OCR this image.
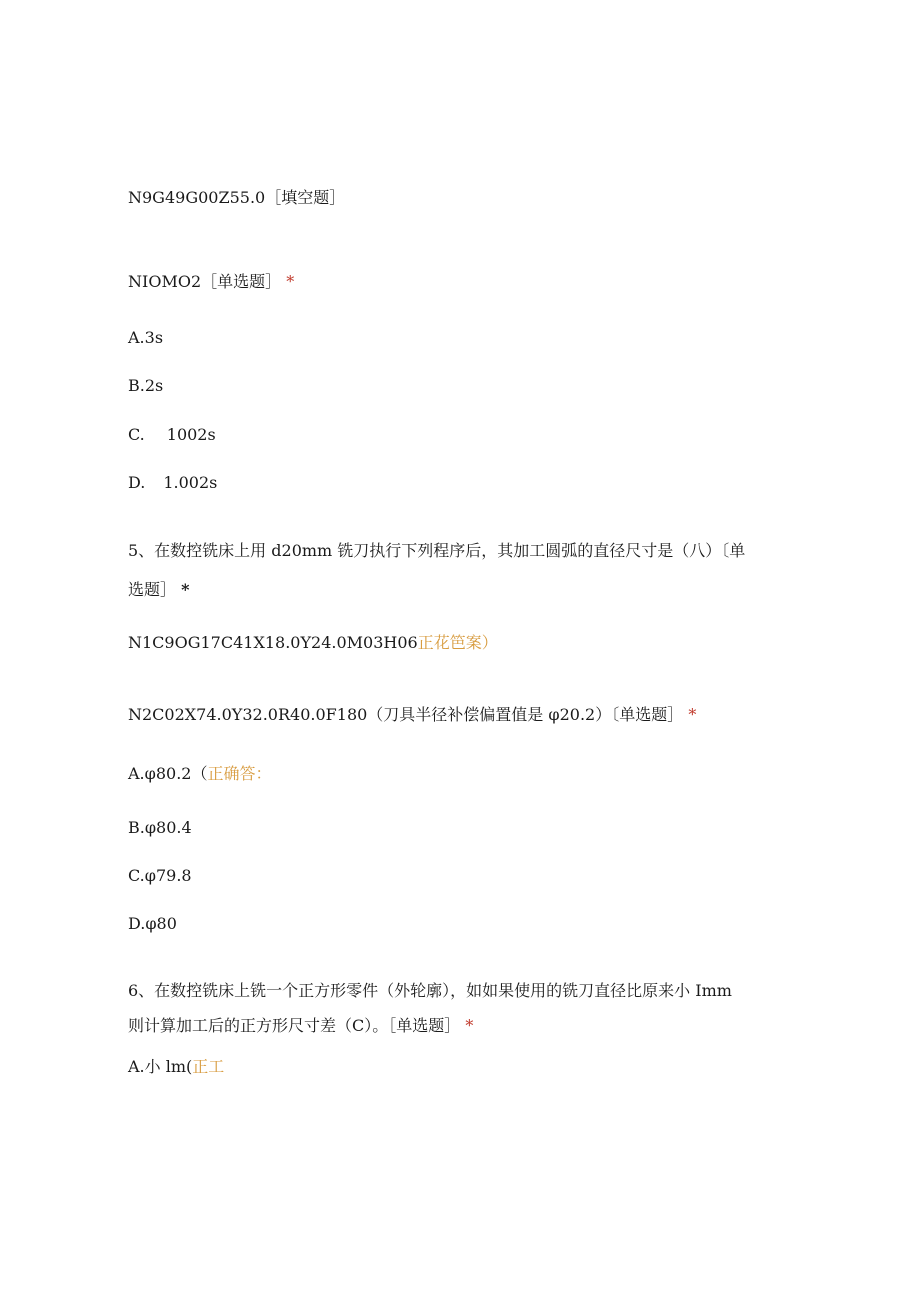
N9G49G00Z55.0［填空题］
NIOMO2［单选题］ *
A.3s
B.2s
C. 1002s
D. 1.002s
5、在数控铣床上用 d20mm 铣刀执行下列程序后，其加工圆弧的直径尺寸是（八）〔单
选题］ *
N1C9OG17C41X18.0Y24.0M03H06正花笆案）
N2C02X74.0Y32.0R40.0F180（刀具半径补偿偏置值是 φ20.2）〔单选题］ *
A.φ80.2（正确答：
B.φ80.4
C.φ79.8
D.φ80
6、在数控铣床上铣一个正方形零件（外轮廓），如如果使用的铣刀直径比原来小 Imm
则计算加工后的正方形尺寸差（C）。［单选题］ *
A.小 lm(正工
